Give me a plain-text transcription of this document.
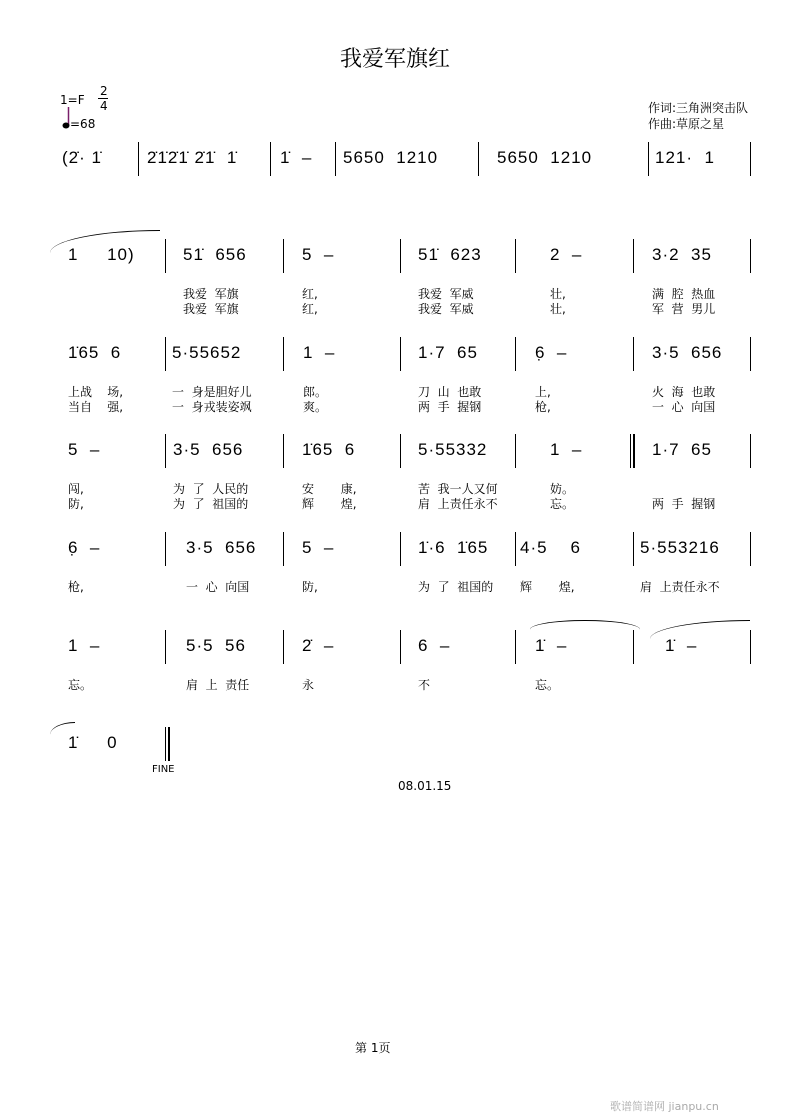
我爱军旗红
1=F
2
4
=68
作词:三角洲突击队
作曲:草原之星
(2̇· 1̇	2̇1̇2̇1̇ 2̇1̇  1̇	1̇  – 5650  1210	5650  1210	121·  1
1     10)	51̇  656
我爱  军旗
我爱  军旗
5  –
红,
红,
51̇  623
我爱  军威
我爱  军威
2  –
壮,
壮,
3·2  35
满  腔  热血
军  营  男儿
1̇65  6
上战    场,
当自    强,
5·55652
一  身是胆好儿
一  身戎装姿飒
1  –
郎。
爽。
1·7  65
刀  山  也敢
两  手  握钢
6̣  –
上,
枪,
3·5  656
火  海  也敢
一  心  向国
5  –
闯,
防,
3·5  656
为  了  人民的
为  了  祖国的
1̇65  6
安       康,
辉       煌,
5·55332
苦  我一人又何
肩  上责任永不
1  –
妨。
忘。
1·7  65
两  手  握钢
6̣  –
枪,
3·5  656
一  心  向国
5  –
防,
1̇·6  1̇65
为  了  祖国的
4·5    6
辉       煌,
5·553216
肩  上责任永不
1  –
忘。
5·5  56
肩  上  责任
2̇  –
永
6  –
不
1̇  –
忘。
1̇  –
1̇     0
FINE
08.01.15
第 1页
歌谱简谱网 jianpu.cn
